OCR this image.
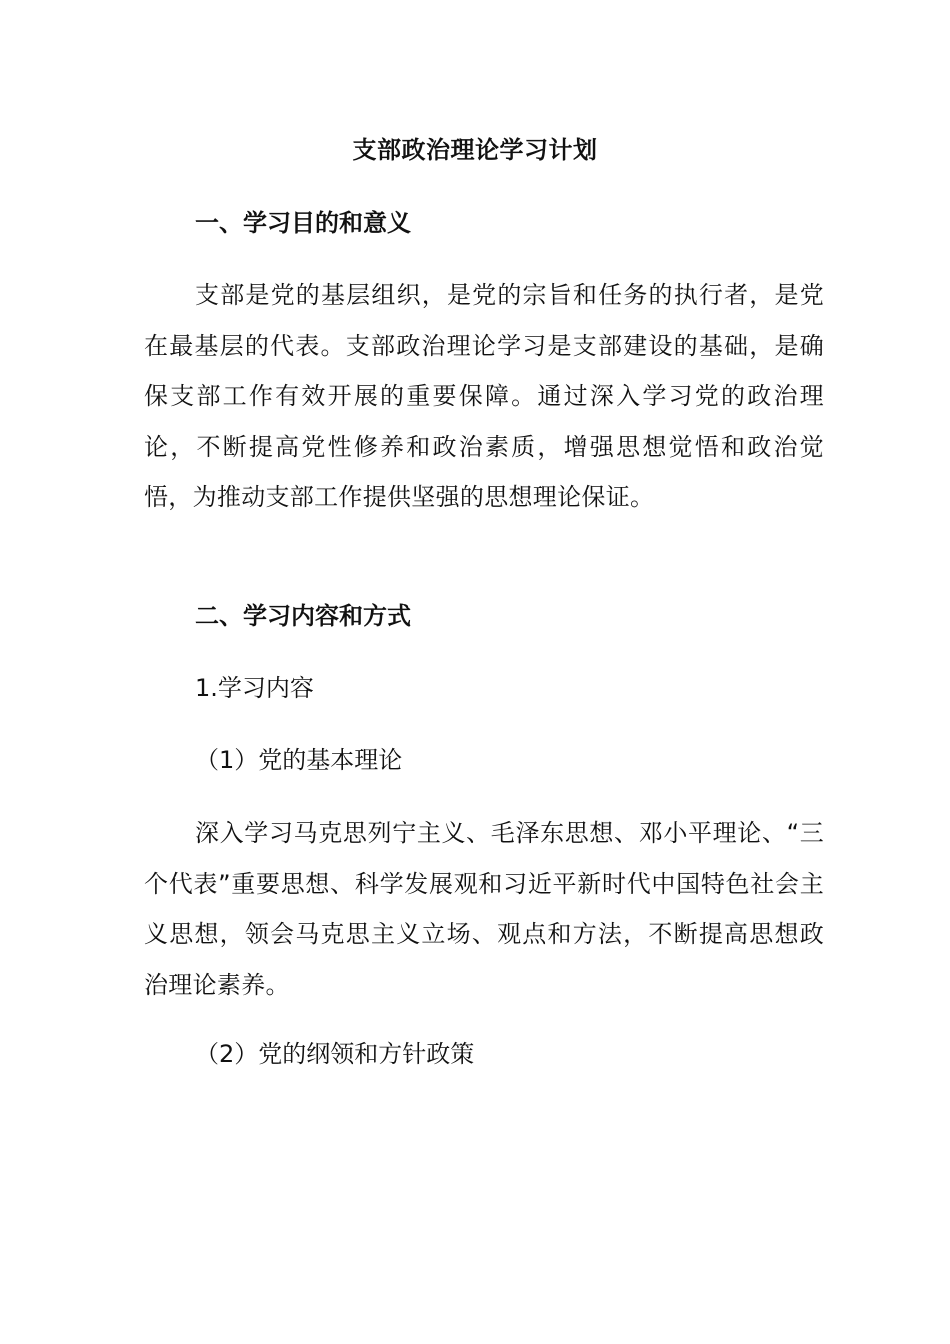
支部政治理论学习计划
一、学习目的和意义
支部是党的基层组织，是党的宗旨和任务的执行者，是党在最基层的代表。支部政治理论学习是支部建设的基础，是确保支部工作有效开展的重要保障。通过深入学习党的政治理论，不断提高党性修养和政治素质，增强思想觉悟和政治觉悟，为推动支部工作提供坚强的思想理论保证。
二、学习内容和方式
1.学习内容
（1）党的基本理论
深入学习马克思列宁主义、毛泽东思想、邓小平理论、“三个代表”重要思想、科学发展观和习近平新时代中国特色社会主义思想，领会马克思主义立场、观点和方法，不断提高思想政治理论素养。
（2）党的纲领和方针政策
